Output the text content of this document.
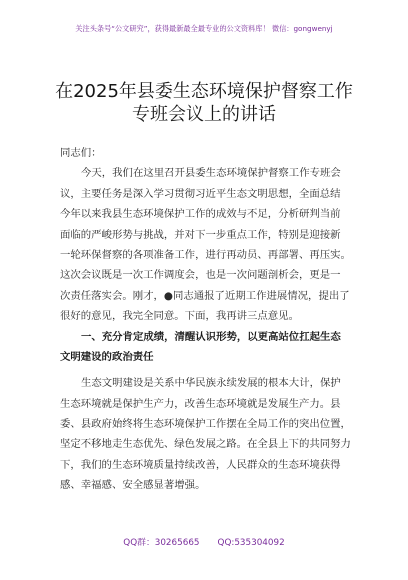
关注头条号“公文研究”，获得最新最全最专业的公文资料库！ 微信：gongwenyj
在2025年县委生态环境保护督察工作
专班会议上的讲话
同志们：
今天，我们在这里召开县委生态环境保护督察工作专班会
议，主要任务是深入学习贯彻习近平生态文明思想，全面总结
今年以来我县生态环境保护工作的成效与不足，分析研判当前
面临的严峻形势与挑战，并对下一步重点工作，特别是迎接新
一轮环保督察的各项准备工作，进行再动员、再部署、再压实。
这次会议既是一次工作调度会，也是一次问题剖析会，更是一
次责任落实会。刚才，●同志通报了近期工作进展情况，提出了
很好的意见，我完全同意。下面，我再讲三点意见。
一、充分肯定成绩，清醒认识形势，以更高站位扛起生态
文明建设的政治责任
生态文明建设是关系中华民族永续发展的根本大计，保护
生态环境就是保护生产力，改善生态环境就是发展生产力。县
委、县政府始终将生态环境保护工作摆在全局工作的突出位置，
坚定不移地走生态优先、绿色发展之路。在全县上下的共同努力
下，我们的生态环境质量持续改善，人民群众的生态环境获得
感、幸福感、安全感显著增强。
QQ群：30265665 QQ:535304092
